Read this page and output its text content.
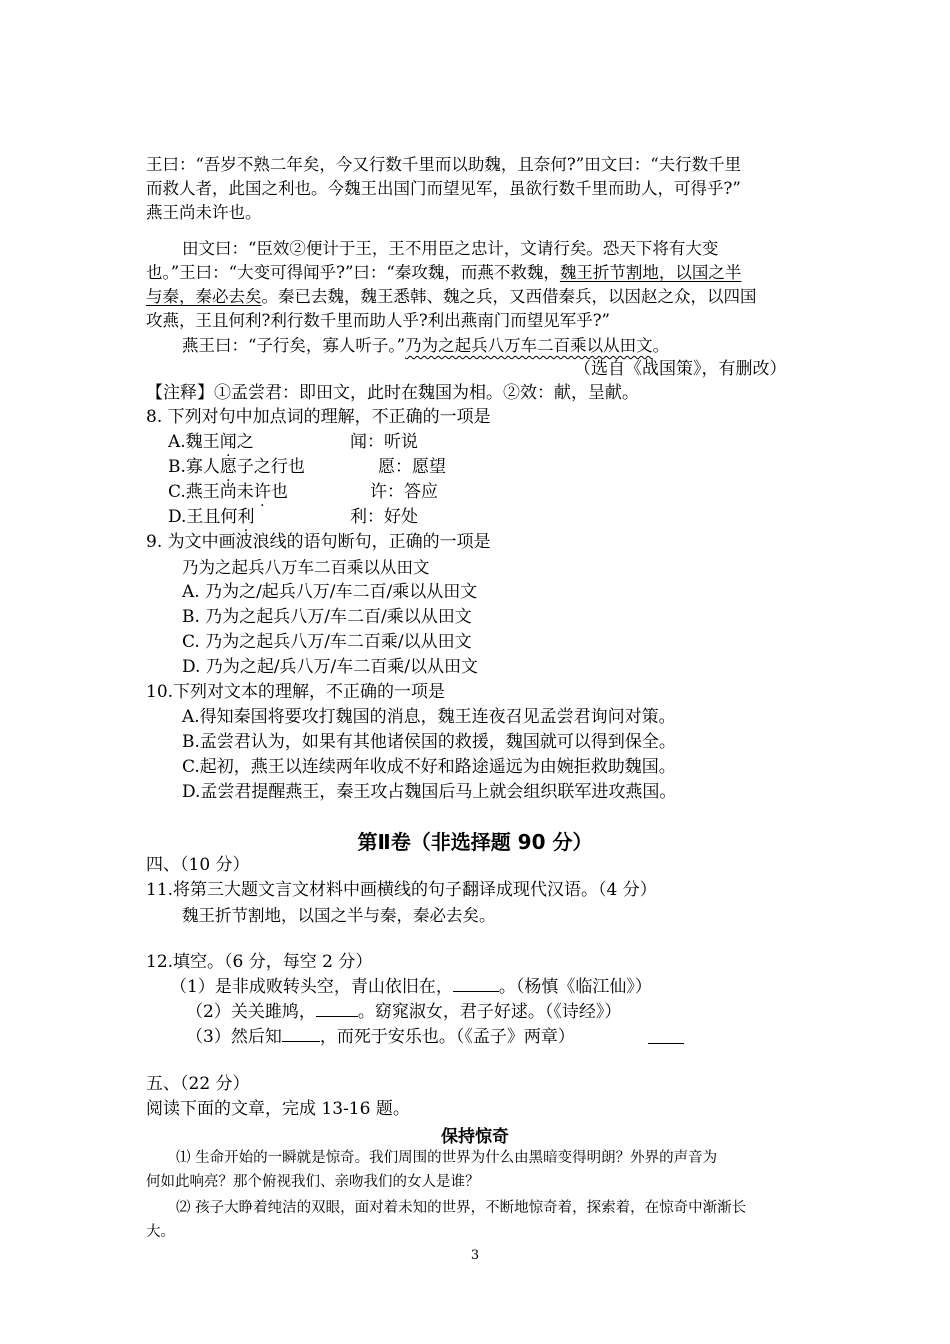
王曰：“吾岁不熟二年矣，今又行数千里而以助魏，且奈何?”田文曰：“夫行数千里
而救人者，此国之利也。今魏王出国门而望见军，虽欲行数千里而助人，可得乎?”
燕王尚未许也。
田文曰：“臣效②便计于王，王不用臣之忠计，文请行矣。恐天下将有大变
也。”王曰：“大变可得闻乎?”曰：“秦攻魏，而燕不救魏，魏王折节割地，以国之半
与秦，秦必去矣。秦已去魏，魏王悉韩、魏之兵，又西借秦兵，以因赵之众，以四国
攻燕，王且何利?利行数千里而助人乎?利出燕南门而望见军乎?”
燕王曰：“子行矣，寡人听子。”乃为之起兵八万车二百乘以从田文。
（选自《战国策》，有删改）
【注释】①孟尝君：即田文，此时在魏国为相。②效：献，呈献。
8. 下列对句中加点词的理解，不正确的一项是
A.魏王闻之	闻：听说
B.寡人愿子之行也	愿：愿望
C.燕王尚未许也	许：答应
D.王且何利	利：好处
9. 为文中画波浪线的语句断句，正确的一项是
乃为之起兵八万车二百乘以从田文
A. 乃为之/起兵八万/车二百/乘以从田文
B. 乃为之起兵八万/车二百/乘以从田文
C. 乃为之起兵八万/车二百乘/以从田文
D. 乃为之起/兵八万/车二百乘/以从田文
10.下列对文本的理解，不正确的一项是
A.得知秦国将要攻打魏国的消息，魏王连夜召见孟尝君询问对策。
B.孟尝君认为，如果有其他诸侯国的救援，魏国就可以得到保全。
C.起初，燕王以连续两年收成不好和路途遥远为由婉拒救助魏国。
D.孟尝君提醒燕王，秦王攻占魏国后马上就会组织联军进攻燕国。
第Ⅱ卷（非选择题 90 分）
四、（10 分）
11.将第三大题文言文材料中画横线的句子翻译成现代汉语。（4 分）
魏王折节割地，以国之半与秦，秦必去矣。
12.填空。（6 分，每空 2 分）
（1）是非成败转头空，青山依旧在，	。（杨慎《临江仙》）
（2）关关雎鸠， 。窈窕淑女，君子好逑。（《诗经》）
（3）然后知 ，而死于安乐也。（《孟子》两章）
五、（22 分）
阅读下面的文章，完成 13-16 题。
保持惊奇
⑴ 生命开始的一瞬就是惊奇。我们周围的世界为什么由黑暗变得明朗？外界的声音为
何如此响亮？那个俯视我们、亲吻我们的女人是谁？
⑵ 孩子大睁着纯洁的双眼，面对着未知的世界，不断地惊奇着，探索着，在惊奇中渐渐长
大。
3
